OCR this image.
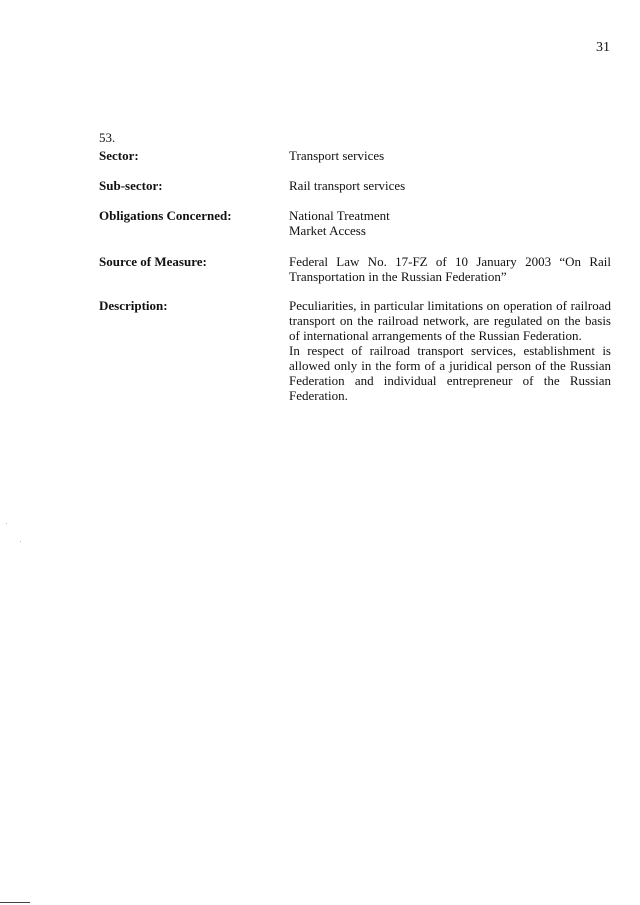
31
53.
Sector:	Transport services
Sub-sector:	Rail transport services
Obligations Concerned:	National Treatment
Market Access
Source of Measure:	Federal Law No. 17-FZ of 10 January 2003 “On Rail Transportation in the Russian Federation”
Description:	Peculiarities, in particular limitations on operation of railroad transport on the railroad network, are regulated on the basis of international arrangements of the Russian Federation.
In respect of railroad transport services, establishment is allowed only in the form of a juridical person of the Russian Federation and individual entrepreneur of the Russian Federation.
